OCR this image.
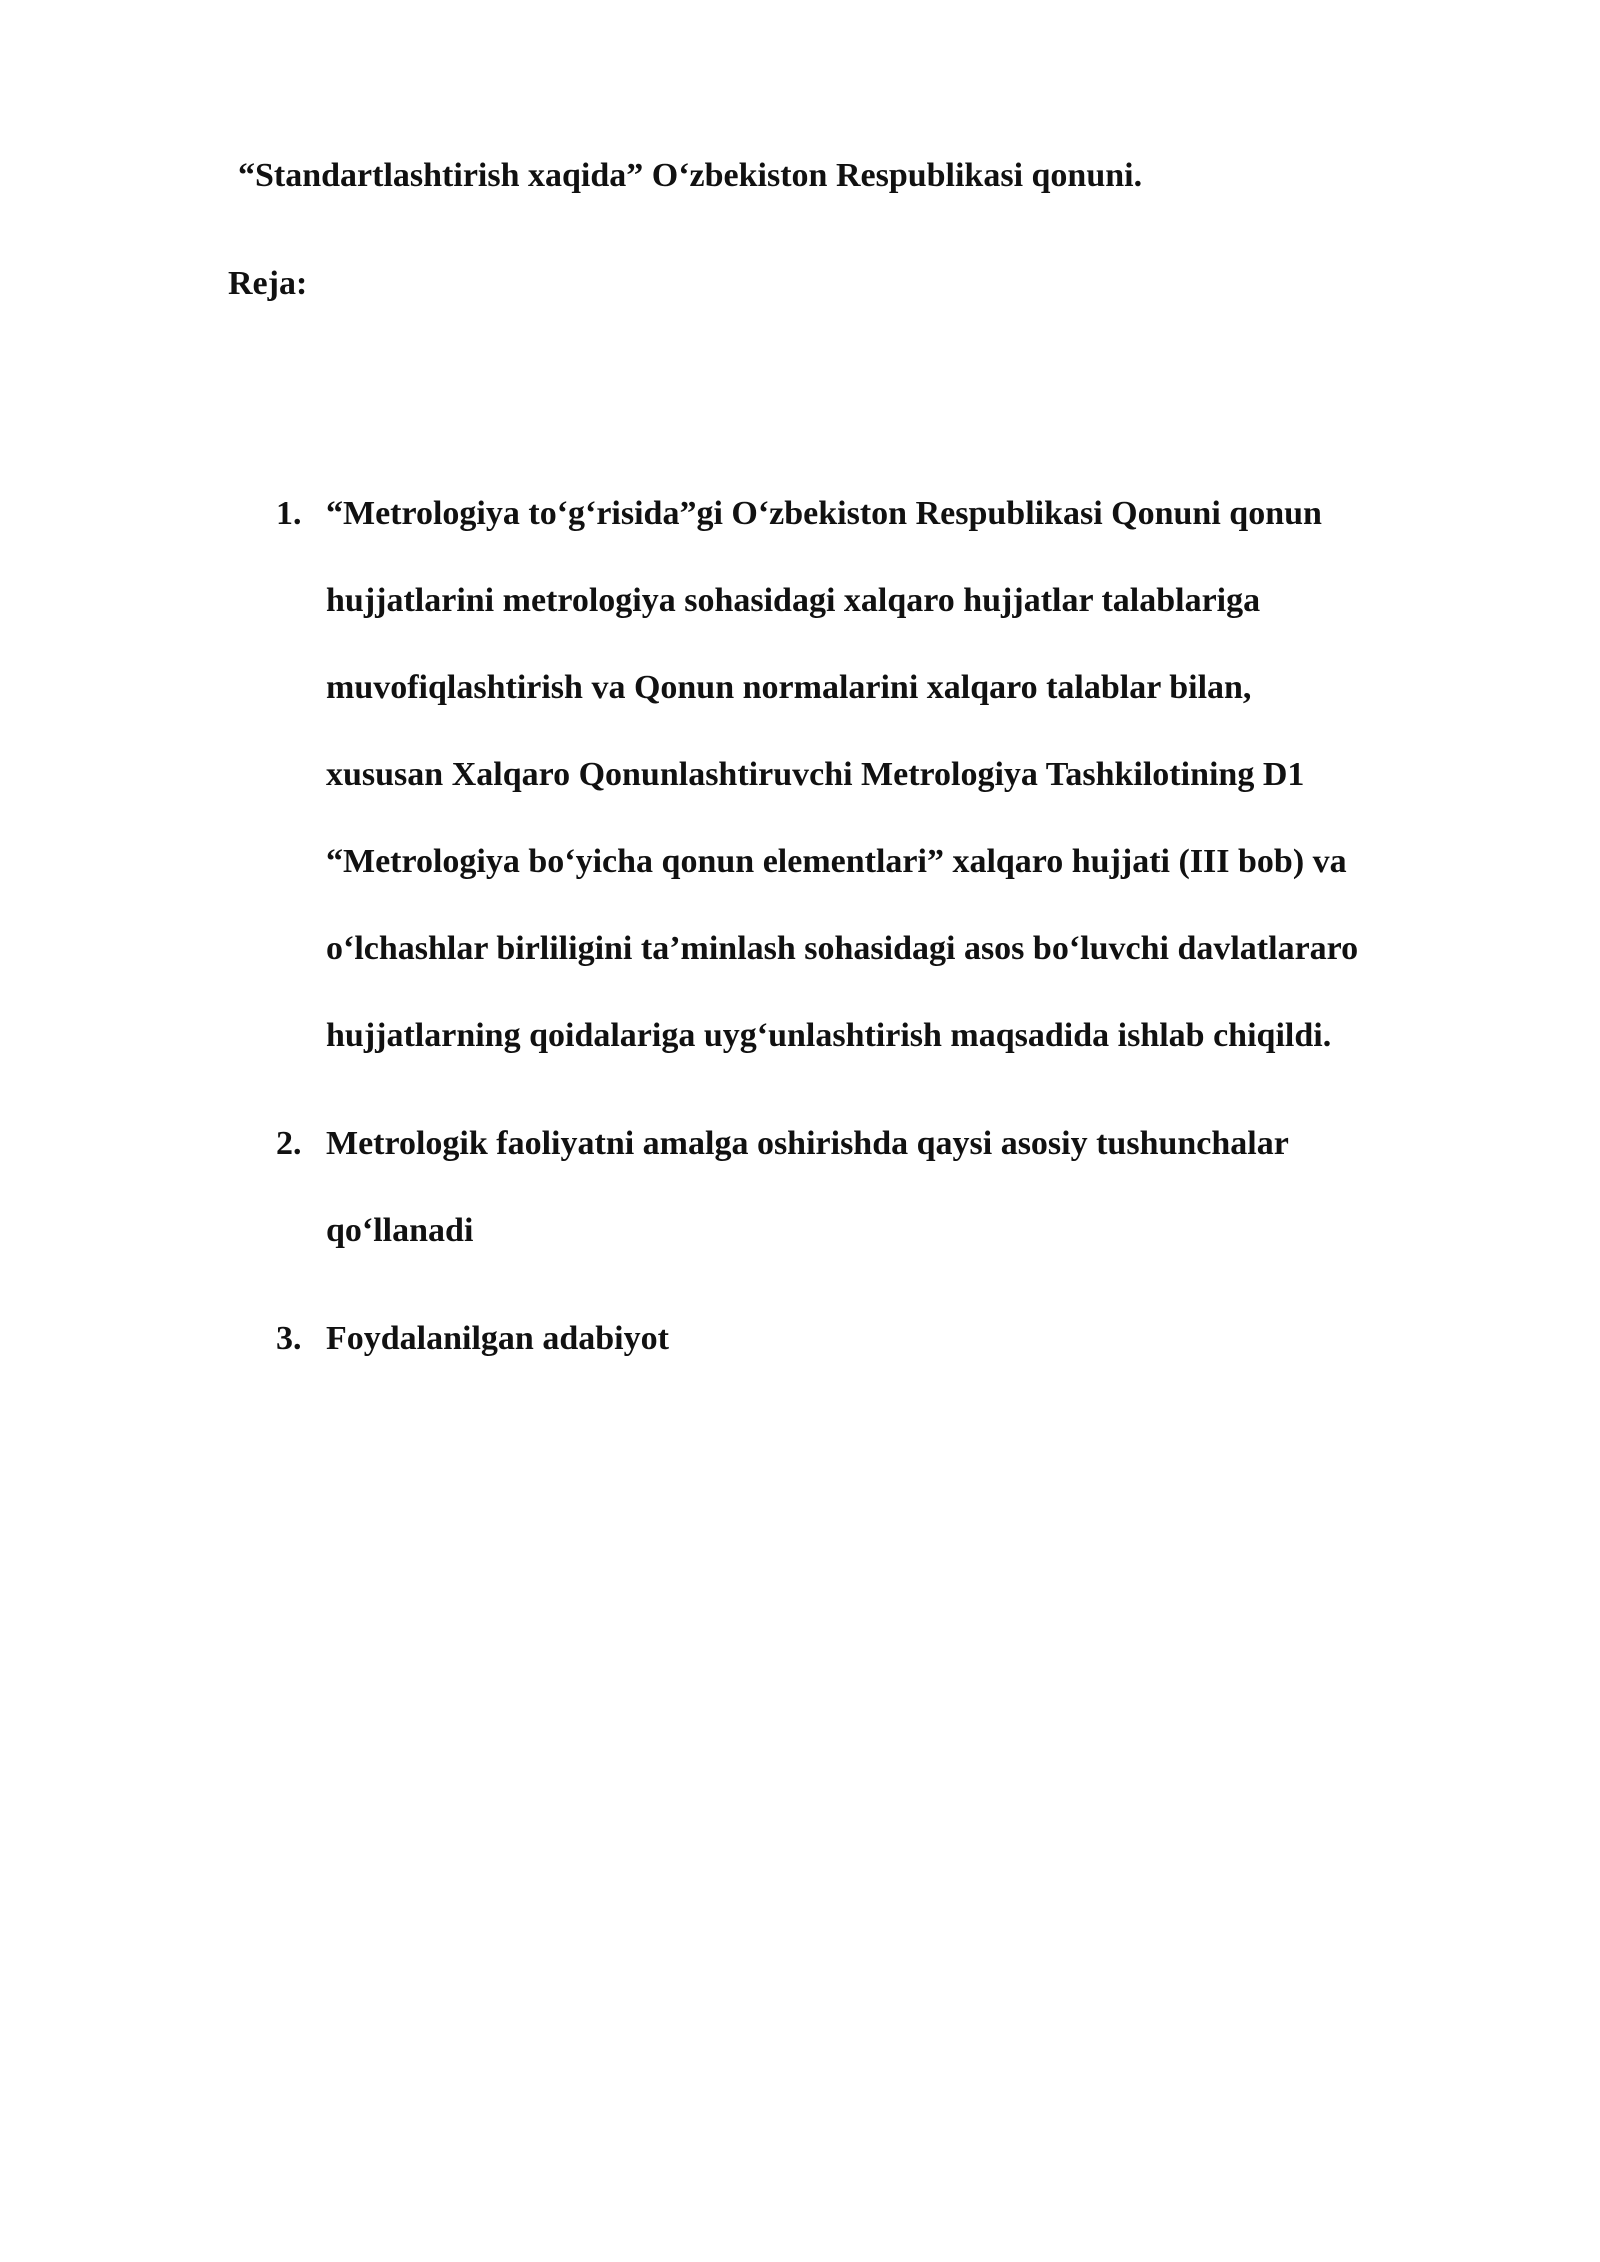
“Standartlashtirish xaqida” O‘zbekiston Respublikasi qonuni.

Reja:

1. “Metrologiya to‘g‘risida”gi O‘zbekiston Respublikasi Qonuni qonun
hujjatlarini metrologiya sohasidagi xalqaro hujjatlar talablariga
muvofiqlashtirish va Qonun normalarini xalqaro talablar bilan,
xususan Xalqaro Qonunlashtiruvchi Metrologiya Tashkilotining D1
“Metrologiya bo‘yicha qonun elementlari” xalqaro hujjati (III bob) va
o‘lchashlar birliligini ta’minlash sohasidagi asos bo‘luvchi davlatlararo
hujjatlarning qoidalariga uyg‘unlashtirish maqsadida ishlab chiqildi.
2. Metrologik faoliyatni amalga oshirishda qaysi asosiy tushunchalar
qo‘llanadi
3. Foydalanilgan adabiyot
